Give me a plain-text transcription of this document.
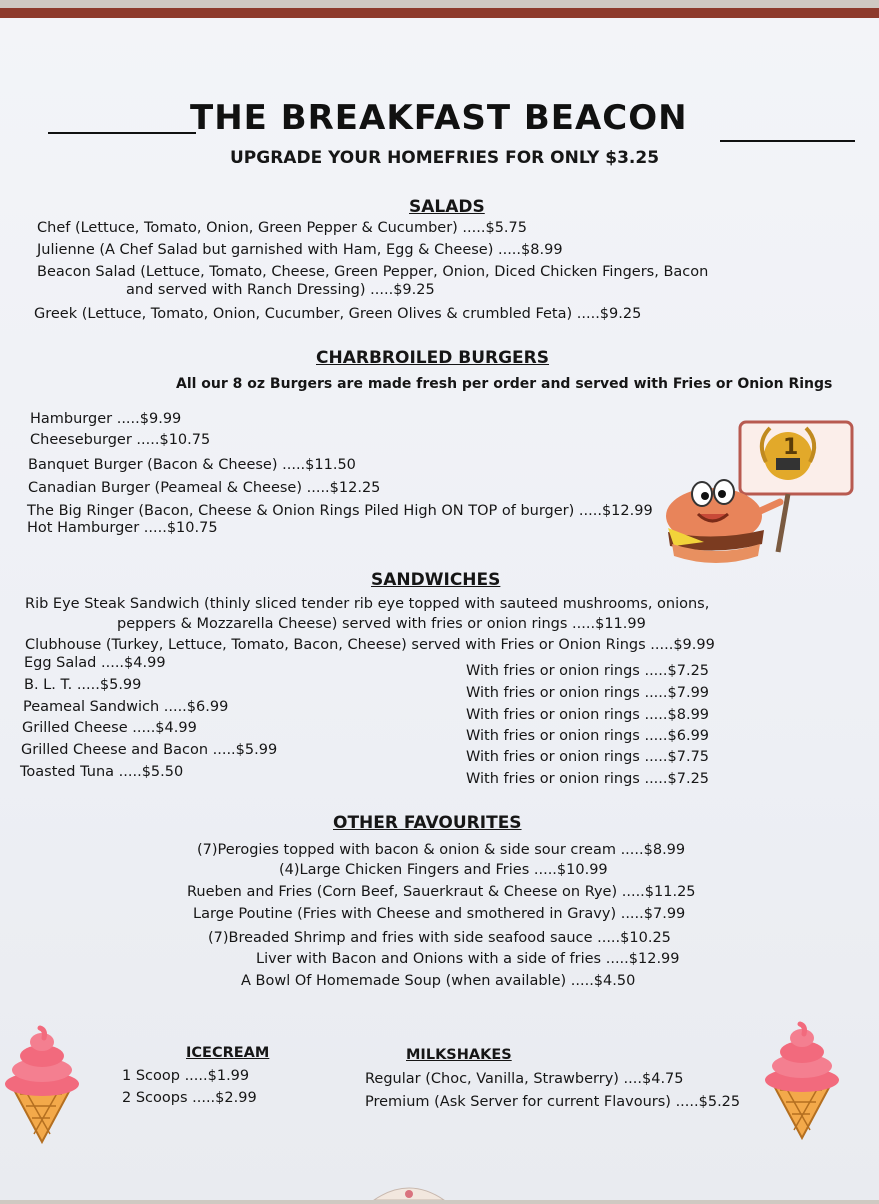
THE BREAKFAST BEACON
UPGRADE YOUR HOMEFRIES FOR ONLY $3.25
SALADS
Chef (Lettuce, Tomato, Onion, Green Pepper & Cucumber) .....$5.75
Julienne (A Chef Salad but garnished with Ham, Egg & Cheese) .....$8.99
Beacon Salad (Lettuce, Tomato, Cheese, Green Pepper, Onion, Diced Chicken Fingers, Bacon
and served with Ranch Dressing) .....$9.25
Greek (Lettuce, Tomato, Onion, Cucumber, Green Olives & crumbled Feta) .....$9.25
CHARBROILED BURGERS
All our 8 oz Burgers are made fresh per order and served with Fries or Onion Rings
Hamburger .....$9.99
Cheeseburger .....$10.75
Banquet Burger (Bacon & Cheese) .....$11.50
Canadian Burger (Peameal & Cheese) .....$12.25
The Big Ringer (Bacon, Cheese & Onion Rings Piled High ON TOP of burger) .....$12.99
Hot Hamburger .....$10.75
1
SANDWICHES
Rib Eye Steak Sandwich (thinly sliced tender rib eye topped with sauteed mushrooms, onions,
peppers & Mozzarella Cheese) served with fries or onion rings .....$11.99
Clubhouse (Turkey, Lettuce, Tomato, Bacon, Cheese) served with Fries or Onion Rings .....$9.99
Egg Salad .....$4.99	With fries or onion rings .....$7.25
B. L. T. .....$5.99	With fries or onion rings .....$7.99
Peameal Sandwich .....$6.99	With fries or onion rings .....$8.99
Grilled Cheese .....$4.99	With fries or onion rings .....$6.99
Grilled Cheese and Bacon .....$5.99	With fries or onion rings .....$7.75
Toasted Tuna .....$5.50	With fries or onion rings .....$7.25
OTHER FAVOURITES
(7)Perogies topped with bacon & onion & side sour cream .....$8.99
(4)Large Chicken Fingers and Fries .....$10.99
Rueben and Fries (Corn Beef, Sauerkraut & Cheese on Rye) .....$11.25
Large Poutine (Fries with Cheese and smothered in Gravy) .....$7.99
(7)Breaded Shrimp and fries with side seafood sauce .....$10.25
Liver with Bacon and Onions with a side of fries .....$12.99
A Bowl Of Homemade Soup (when available) .....$4.50
ICECREAM
1 Scoop .....$1.99
2 Scoops .....$2.99
MILKSHAKES
Regular (Choc, Vanilla, Strawberry) ....$4.75
Premium (Ask Server for current Flavours) .....$5.25
